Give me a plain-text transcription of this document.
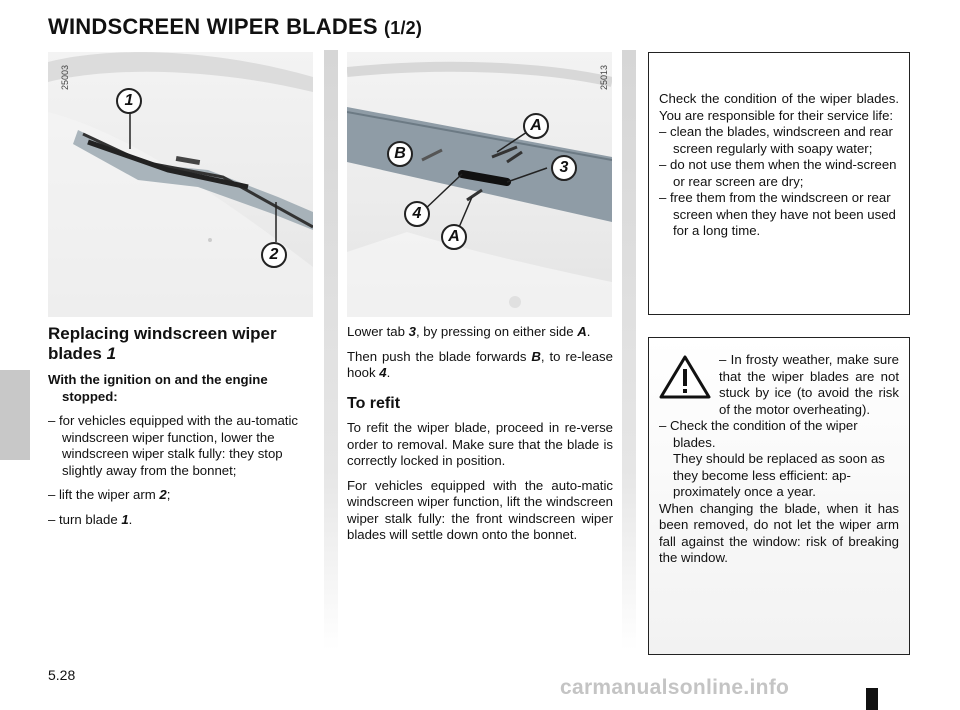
WINDSCREEN WIPER BLADES (1/2)
1
2
25003
A
B
3
4
A
25013
Replacing windscreen wiper blades 1

With the ignition on and the engine stopped:

– for vehicles equipped with the au-tomatic windscreen wiper function, lower the windscreen wiper stalk fully: they stop slightly away from the bonnet;

– lift the wiper arm 2;

– turn blade 1.

Lower tab 3, by pressing on either side A.

Then push the blade forwards B, to re-lease hook 4.

To refit

To refit the wiper blade, proceed in re-verse order to removal. Make sure that the blade is correctly locked in position.

For vehicles equipped with the auto-matic windscreen wiper function, lift the windscreen wiper stalk fully: the front windscreen wiper blades will settle down onto the bonnet.

Check the condition of the wiper blades. You are responsible for their service life:

– clean the blades, windscreen and rear screen regularly with soapy water;

– do not use them when the wind-screen or rear screen are dry;

– free them from the windscreen or rear screen when they have not been used for a long time.

– In frosty weather, make sure that the wiper blades are not stuck by ice (to avoid the risk of the motor overheating).

– Check the condition of the wiper blades.

They should be replaced as soon as they become less efficient: ap-proximately once a year.

When changing the blade, when it has been removed, do not let the wiper arm fall against the window: risk of breaking the window.

5.28
carmanualsonline.info
